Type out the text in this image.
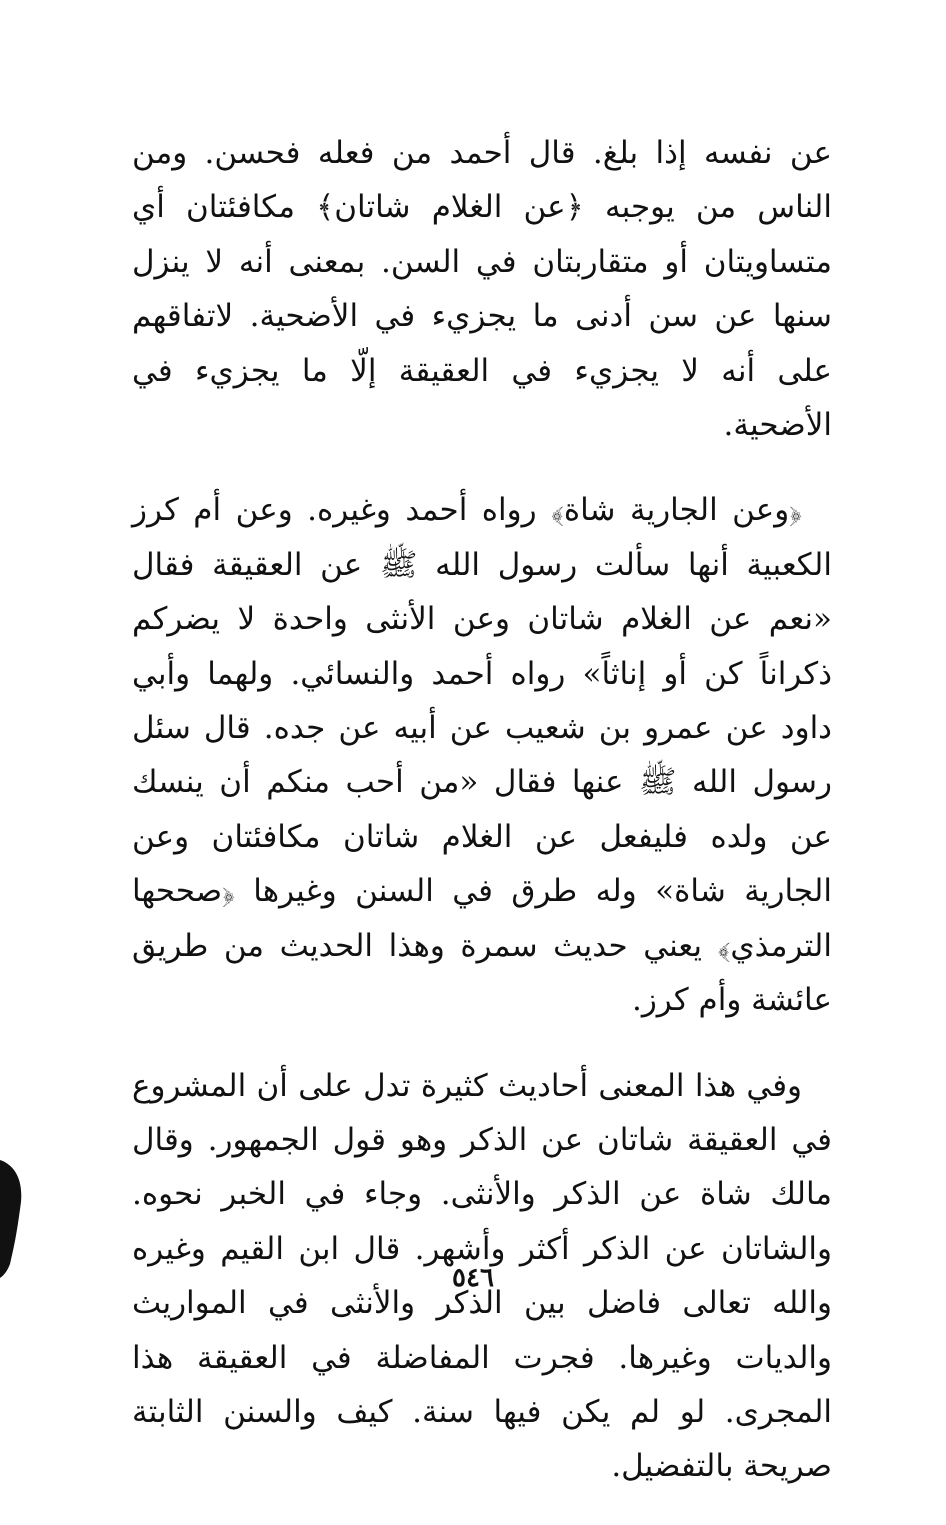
عن نفسه إذا بلغ. قال أحمد من فعله فحسن. ومن الناس من يوجبه ﴿عن الغلام شاتان﴾ مكافئتان أي متساويتان أو متقاربتان في السن. بمعنى أنه لا ينزل سنها عن سن أدنى ما يجزيء في الأضحية. لاتفاقهم على أنه لا يجزيء في العقيقة إلّا ما يجزيء في الأضحية.

﴿وعن الجارية شاة﴾ رواه أحمد وغيره. وعن أم كرز الكعبية أنها سألت رسول الله ﷺ عن العقيقة فقال «نعم عن الغلام شاتان وعن الأنثى واحدة لا يضركم ذكراناً كن أو إناثاً» رواه أحمد والنسائي. ولهما وأبي داود عن عمرو بن شعيب عن أبيه عن جده. قال سئل رسول الله ﷺ عنها فقال «من أحب منكم أن ينسك عن ولده فليفعل عن الغلام شاتان مكافئتان وعن الجارية شاة» وله طرق في السنن وغيرها ﴿صححها الترمذي﴾ يعني حديث سمرة وهذا الحديث من طريق عائشة وأم كرز.

وفي هذا المعنى أحاديث كثيرة تدل على أن المشروع في العقيقة شاتان عن الذكر وهو قول الجمهور. وقال مالك شاة عن الذكر والأنثى. وجاء في الخبر نحوه. والشاتان عن الذكر أكثر وأشهر. قال ابن القيم وغيره والله تعالى فاضل بين الذكر والأنثى في المواريث والديات وغيرها. فجرت المفاضلة في العقيقة هذا المجرى. لو لم يكن فيها سنة. كيف والسنن الثابتة صريحة بالتفضيل.

٥٤٦
